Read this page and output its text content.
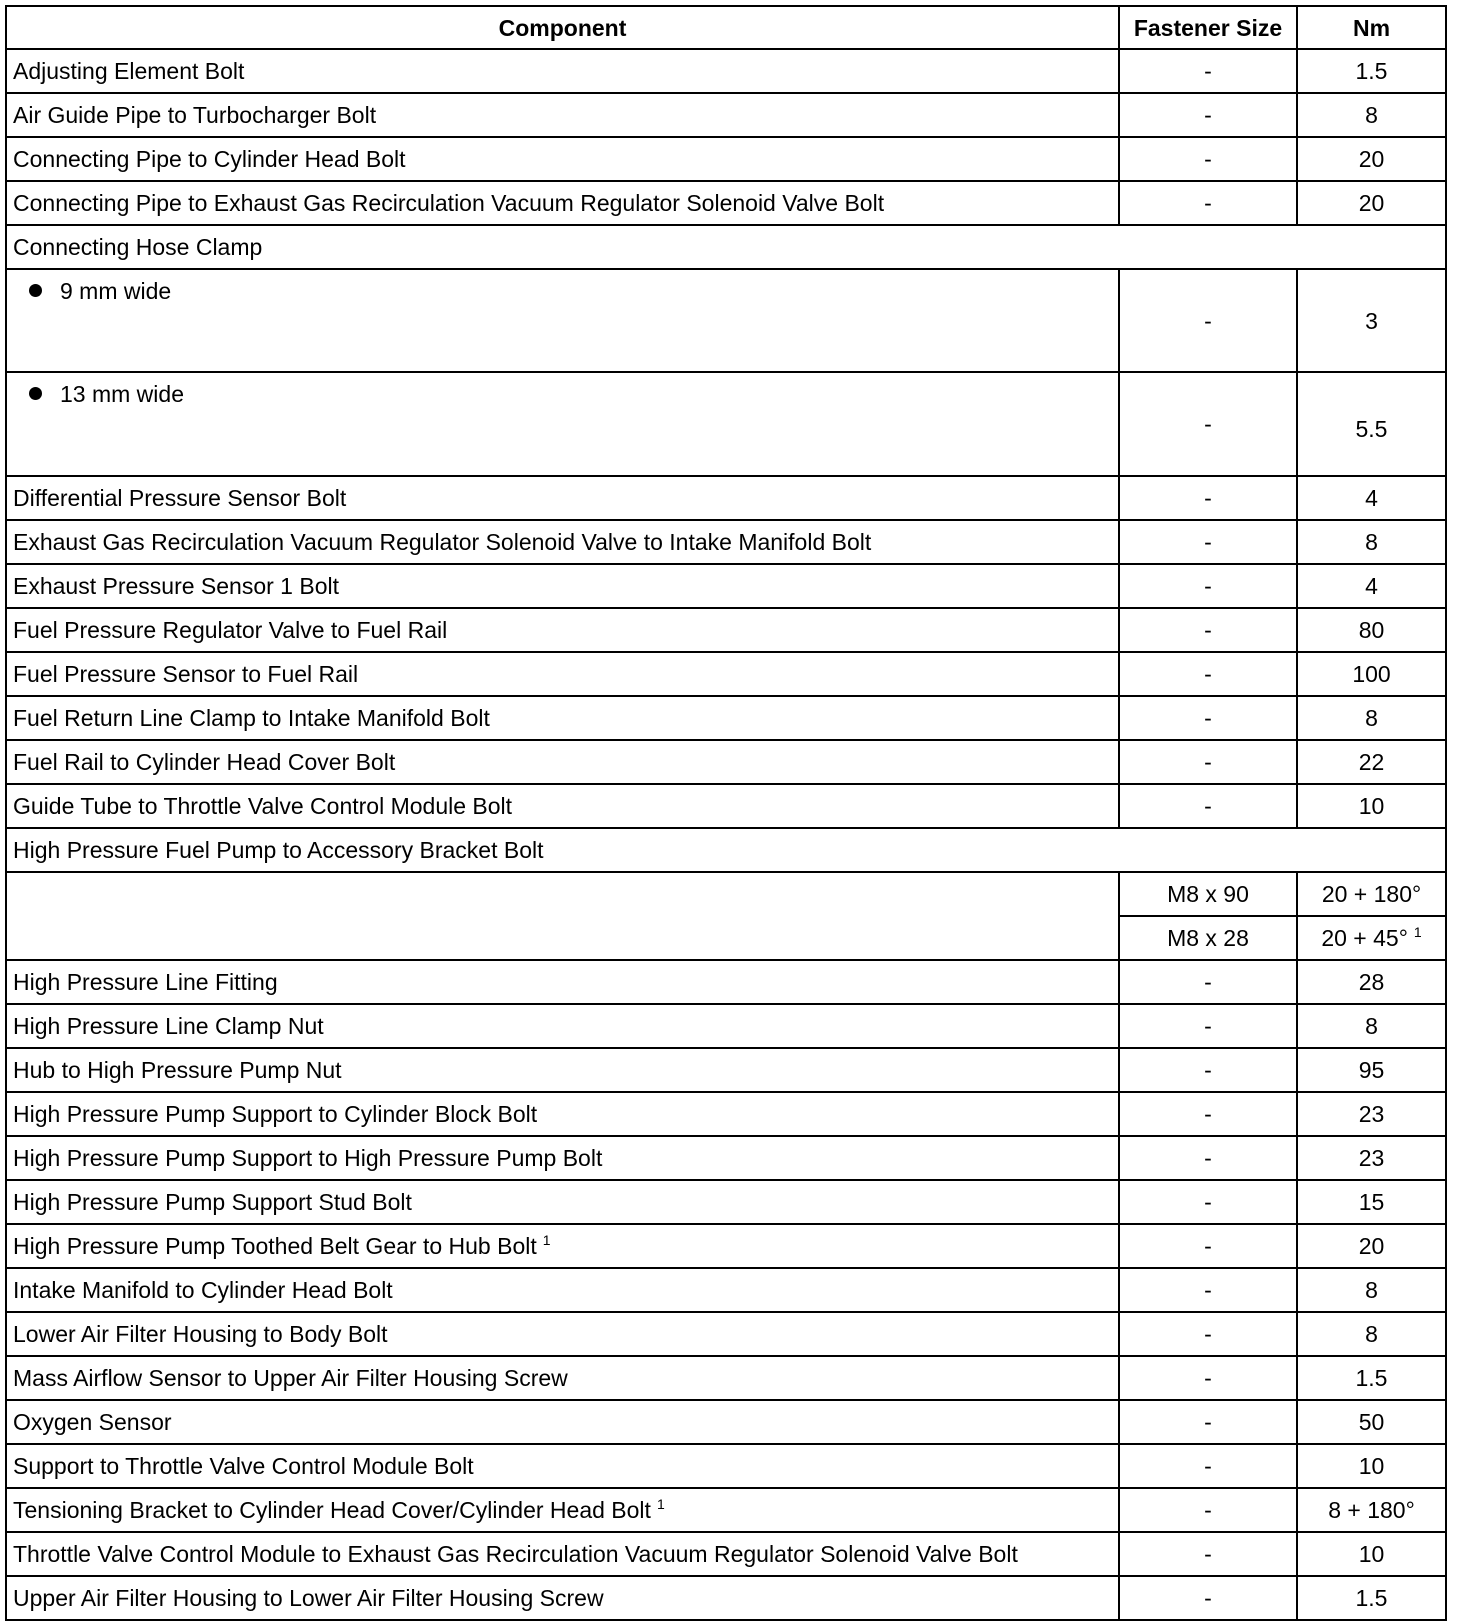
Component	Fastener Size	Nm
Adjusting Element Bolt	-	1.5
Air Guide Pipe to Turbocharger Bolt	-	8
Connecting Pipe to Cylinder Head Bolt	-	20
Connecting Pipe to Exhaust Gas Recirculation Vacuum Regulator Solenoid Valve Bolt	-	20
Connecting Hose Clamp		
9 mm wide	-	3
13 mm wide	-	5.5
Differential Pressure Sensor Bolt	-	4
Exhaust Gas Recirculation Vacuum Regulator Solenoid Valve to Intake Manifold Bolt	-	8
Exhaust Pressure Sensor 1 Bolt	-	4
Fuel Pressure Regulator Valve to Fuel Rail	-	80
Fuel Pressure Sensor to Fuel Rail	-	100
Fuel Return Line Clamp to Intake Manifold Bolt	-	8
Fuel Rail to Cylinder Head Cover Bolt	-	22
Guide Tube to Throttle Valve Control Module Bolt	-	10
High Pressure Fuel Pump to Accessory Bracket Bolt		
	M8 x 90	20 + 180°
	M8 x 28	20 + 45° $^1$
High Pressure Line Fitting	-	28
High Pressure Line Clamp Nut	-	8
Hub to High Pressure Pump Nut	-	95
High Pressure Pump Support to Cylinder Block Bolt	-	23
High Pressure Pump Support to High Pressure Pump Bolt	-	23
High Pressure Pump Support Stud Bolt	-	15
High Pressure Pump Toothed Belt Gear to Hub Bolt $^1$	-	20
Intake Manifold to Cylinder Head Bolt	-	8
Lower Air Filter Housing to Body Bolt	-	8
Mass Airflow Sensor to Upper Air Filter Housing Screw	-	1.5
Oxygen Sensor	-	50
Support to Throttle Valve Control Module Bolt	-	10
Tensioning Bracket to Cylinder Head Cover/Cylinder Head Bolt $^1$	-	8 + 180°
Throttle Valve Control Module to Exhaust Gas Recirculation Vacuum Regulator Solenoid Valve Bolt	-	10
Upper Air Filter Housing to Lower Air Filter Housing Screw	-	1.5
